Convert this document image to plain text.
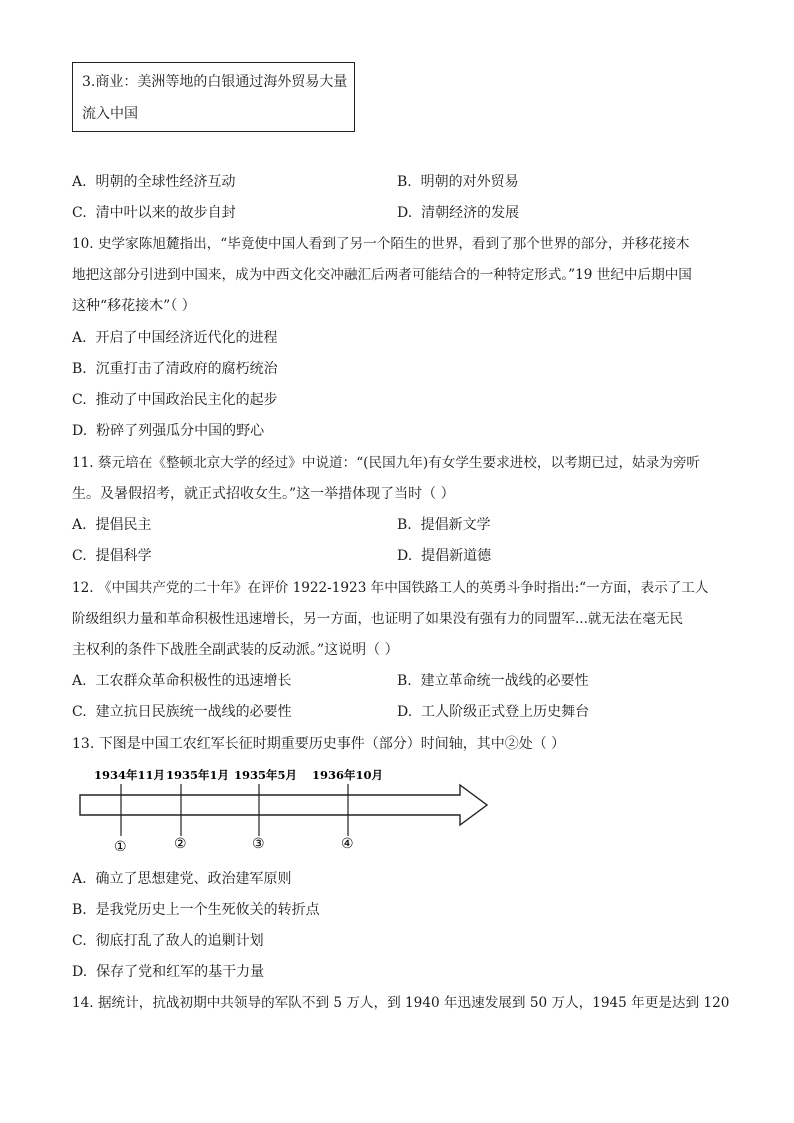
3.商业：美洲等地的白银通过海外贸易大量
流入中国
A. 明朝的全球性经济互动	B. 明朝的对外贸易
C. 清中叶以来的故步自封	D. 清朝经济的发展
10. 史学家陈旭麓指出，“毕竟使中国人看到了另一个陌生的世界，看到了那个世界的部分，并移花接木
地把这部分引进到中国来，成为中西文化交冲融汇后两者可能结合的一种特定形式。”19 世纪中后期中国
这种“移花接木”（ ）
A. 开启了中国经济近代化的进程
B. 沉重打击了清政府的腐朽统治
C. 推动了中国政治民主化的起步
D. 粉碎了列强瓜分中国的野心
11. 蔡元培在《整顿北京大学的经过》中说道：“(民国九年)有女学生要求进校，以考期已过，姑录为旁听
生。及暑假招考，就正式招收女生。”这一举措体现了当时（ ）
A. 提倡民主	B. 提倡新文学
C. 提倡科学	D. 提倡新道德
12. 《中国共产党的二十年》在评价 1922-1923 年中国铁路工人的英勇斗争时指出:“一方面，表示了工人
阶级组织力量和革命积极性迅速增长，另一方面，也证明了如果没有强有力的同盟军...就无法在毫无民
主权利的条件下战胜全副武装的反动派。”这说明（ ）
A. 工农群众革命积极性的迅速增长	B. 建立革命统一战线的必要性
C. 建立抗日民族统一战线的必要性	D. 工人阶级正式登上历史舞台
13. 下图是中国工农红军长征时期重要历史事件（部分）时间轴，其中②处（ ）
1934年11月 1935年1月 1935年5月 1936年10月
①	②	③	④
A. 确立了思想建党、政治建军原则
B. 是我党历史上一个生死攸关的转折点
C. 彻底打乱了敌人的追剿计划
D. 保存了党和红军的基干力量
14. 据统计，抗战初期中共领导的军队不到 5 万人，到 1940 年迅速发展到 50 万人，1945 年更是达到 120
